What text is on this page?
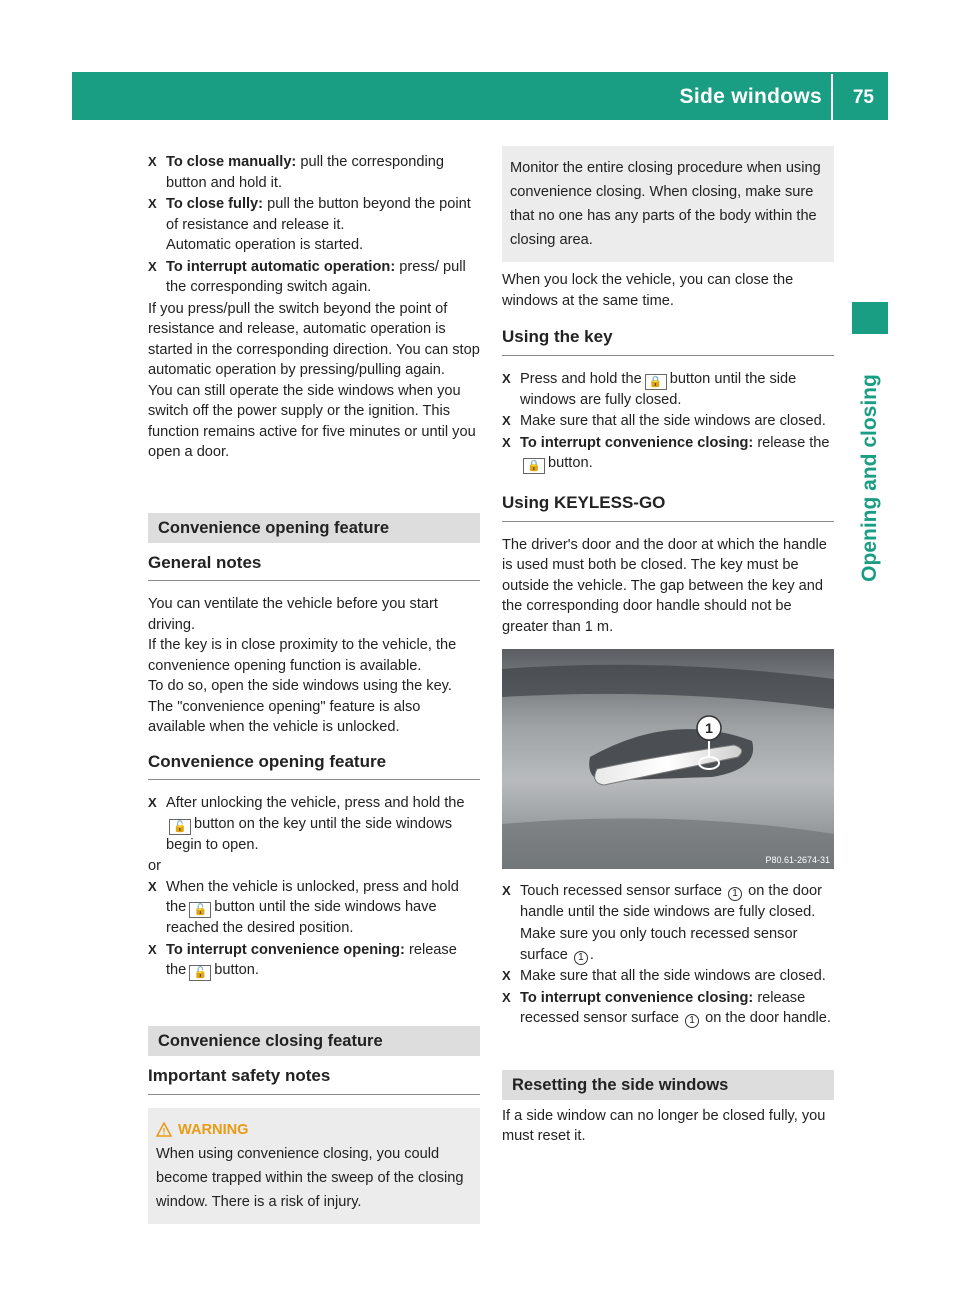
Side windows 75
Opening and closing
X To close manually: pull the corresponding button and hold it.
X To close fully: pull the button beyond the point of resistance and release it.
Automatic operation is started.
X To interrupt automatic operation: press/ pull the corresponding switch again.

If you press/pull the switch beyond the point of resistance and release, automatic operation is started in the corresponding direction. You can stop automatic operation by pressing/pulling again.

You can still operate the side windows when you switch off the power supply or the ignition. This function remains active for five minutes or until you open a door.

Convenience opening feature
General notes

You can ventilate the vehicle before you start driving.

If the key is in close proximity to the vehicle, the convenience opening function is available.

To do so, open the side windows using the key.

The "convenience opening" feature is also available when the vehicle is unlocked.

Convenience opening feature
X After unlocking the vehicle, press and hold the🔓 button on the key until the side windows begin to open.

or

X When the vehicle is unlocked, press and hold the 🔓 button until the side windows have reached the desired position.
X To interrupt convenience opening: release the 🔓 button.
Convenience closing feature
Important safety notes
! WARNING
When using convenience closing, you could become trapped within the sweep of the closing window. There is a risk of injury.
Monitor the entire closing procedure when using convenience closing. When closing, make sure that no one has any parts of the body within the closing area.

When you lock the vehicle, you can close the windows at the same time.

Using the key
X Press and hold the 🔒 button until the side windows are fully closed.
X Make sure that all the side windows are closed.
X To interrupt convenience closing: release the🔒 button.
Using KEYLESS-GO

The driver's door and the door at which the handle is used must both be closed. The key must be outside the vehicle. The gap between the key and the corresponding door handle should not be greater than 1 m.

1
P80.61-2674-31
X Touch recessed sensor surface 1 on the door handle until the side windows are fully closed.
Make sure you only touch recessed sensor surface 1 .
X Make sure that all the side windows are closed.
X To interrupt convenience closing: release recessed sensor surface 1 on the door handle.
Resetting the side windows

If a side window can no longer be closed fully, you must reset it.
